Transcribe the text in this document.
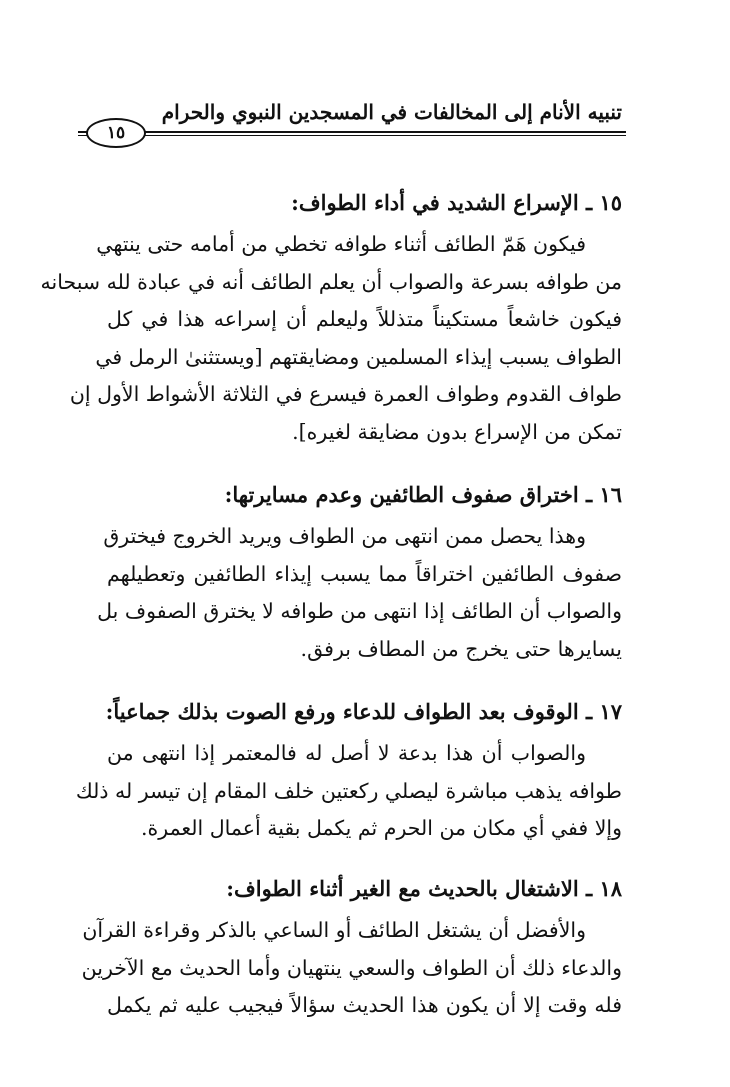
تنبيه الأنام إلى المخالفات في المسجدين النبوي والحرام
١٥
١٥ ـ الإسراع الشديد في أداء الطواف:
فيكون هَمّ الطائف أثناء طوافه تخطي من أمامه حتى ينتهي
من طوافه بسرعة والصواب أن يعلم الطائف أنه في عبادة لله سبحانه
فيكون خاشعاً مستكيناً متذللاً وليعلم أن إسراعه هذا في كل
الطواف يسبب إيذاء المسلمين ومضايقتهم [ويستثنىٰ الرمل في
طواف القدوم وطواف العمرة فيسرع في الثلاثة الأشواط الأول إن
تمكن من الإسراع بدون مضايقة لغيره].
١٦ ـ اختراق صفوف الطائفين وعدم مسايرتها:
وهذا يحصل ممن انتهى من الطواف ويريد الخروج فيخترق
صفوف الطائفين اختراقاً مما يسبب إيذاء الطائفين وتعطيلهم
والصواب أن الطائف إذا انتهى من طوافه لا يخترق الصفوف بل
يسايرها حتى يخرج من المطاف برفق.
١٧ ـ الوقوف بعد الطواف للدعاء ورفع الصوت بذلك جماعياً:
والصواب أن هذا بدعة لا أصل له فالمعتمر إذا انتهى من
طوافه يذهب مباشرة ليصلي ركعتين خلف المقام إن تيسر له ذلك
وإلا ففي أي مكان من الحرم ثم يكمل بقية أعمال العمرة.
١٨ ـ الاشتغال بالحديث مع الغير أثناء الطواف:
والأفضل أن يشتغل الطائف أو الساعي بالذكر وقراءة القرآن
والدعاء ذلك أن الطواف والسعي ينتهيان وأما الحديث مع الآخرين
فله وقت إلا أن يكون هذا الحديث سؤالاً فيجيب عليه ثم يكمل
